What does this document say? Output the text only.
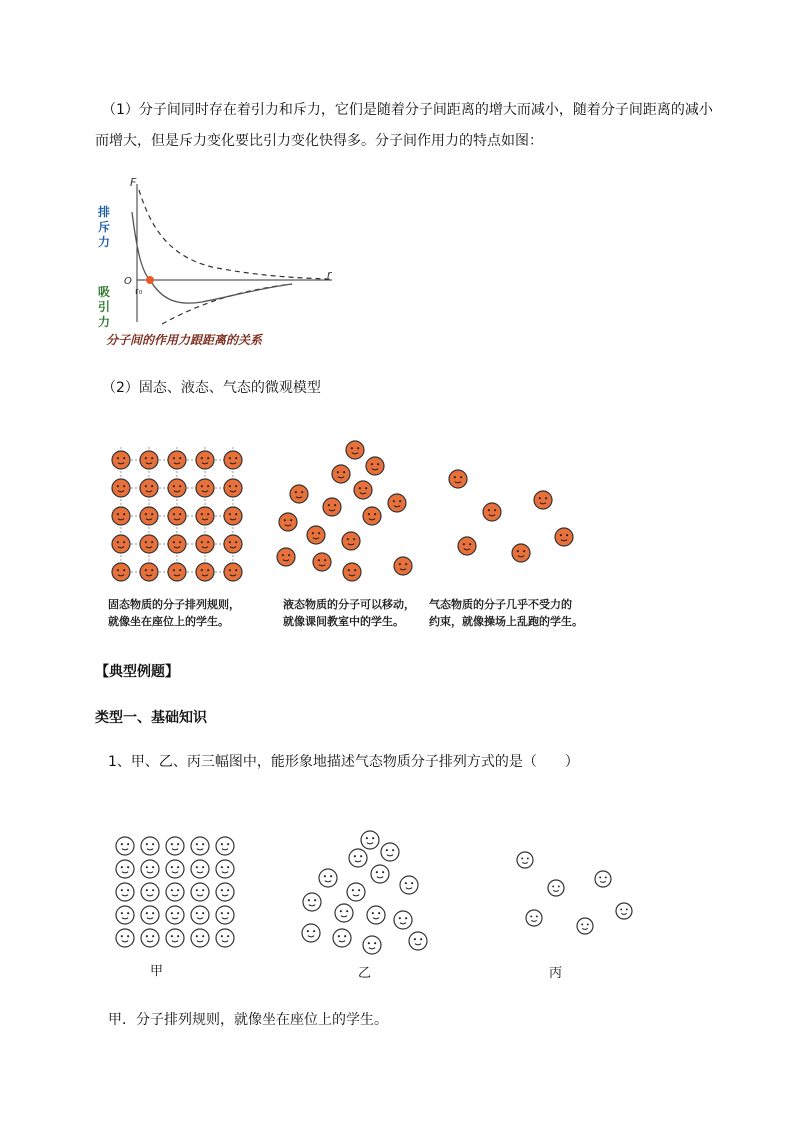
（1）分子间同时存在着引力和斥力，它们是随着分子间距离的增大而减小，随着分子间距离的减小
而增大，但是斥力变化要比引力变化快得多。分子间作用力的特点如图：
F
r
O
r₀
排
斥
力
吸
引
力
分子间的作用力跟距离的关系
（2）固态、液态、气态的微观模型
固态物质的分子排列规则，
就像坐在座位上的学生。
液态物质的分子可以移动，
就像课间教室中的学生。
气态物质的分子几乎不受力的
约束，就像操场上乱跑的学生。
【典型例题】
类型一、基础知识
1、甲、乙、丙三幅图中，能形象地描述气态物质分子排列方式的是（　　）
甲	乙	丙
甲．分子排列规则，就像坐在座位上的学生。
